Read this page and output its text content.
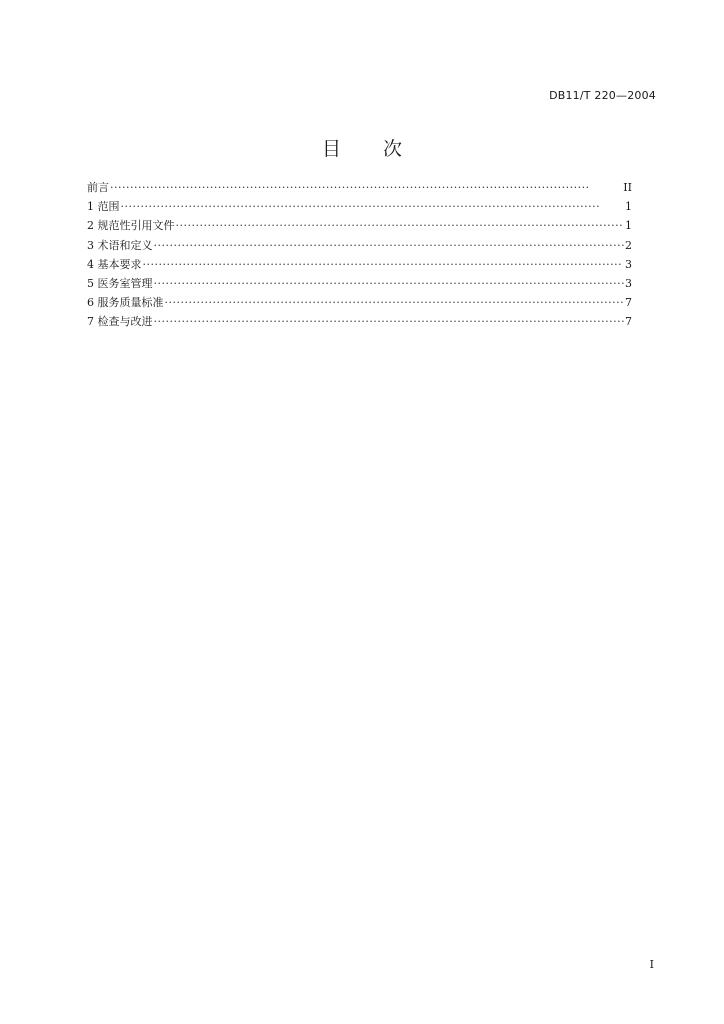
DB11/T 220—2004
目 次
前言 ·····	II
1 范围 ·····	1
2 规范性引用文件 ·····	1
3 术语和定义 ·····	2
4 基本要求 ·····	3
5 医务室管理 ·····	3
6 服务质量标准 ·····	7
7 检查与改进 ·····	7
I
